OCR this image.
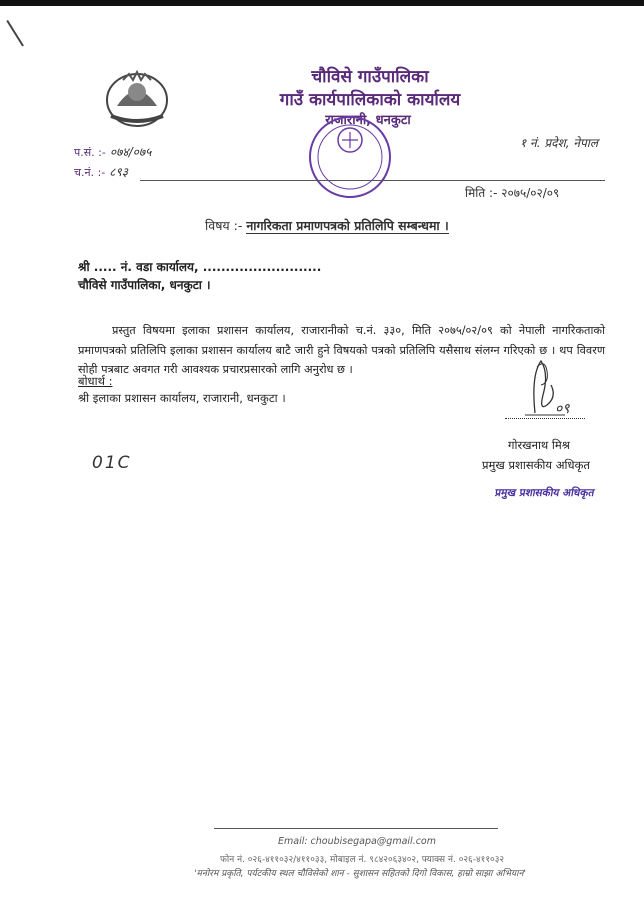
चौविसे गाउँपालिका
गाउँ कार्यपालिकाको कार्यालय
राजारानी, धनकुटा
१ नं. प्रदेश, नेपाल
प.सं. :- ०७४/०७५
च.नं. :- ८९३
मिति :- २०७५/०२/०९
विषय :- नागरिकता प्रमाणपत्रको प्रतिलिपि सम्बन्धमा ।
श्री ..... नं. वडा कार्यालय, ..........................
चौविसे गाउँपालिका, धनकुटा ।
प्रस्तुत विषयमा इलाका प्रशासन कार्यालय, राजारानीको च.नं. ३३०, मिति २०७५/०२/०९ को नेपाली नागरिकताको प्रमाणपत्रको प्रतिलिपि इलाका प्रशासन कार्यालय बाटै जारी हुने विषयको पत्रको प्रतिलिपि यसैसाथ संलग्न गरिएको छ । थप विवरण सोही पत्रबाट अवगत गरी आवश्यक प्रचारप्रसारको लागि अनुरोध छ ।
बोधार्थ :
श्री इलाका प्रशासन कार्यालय, राजारानी, धनकुटा ।
01C
०९
गोरखनाथ मिश्र
प्रमुख प्रशासकीय अधिकृत
प्रमुख प्रशासकीय अधिकृत
Email: choubisegapa@gmail.com
फोन नं. ०२६-४११०३२/४११०३३, मोबाइल नं. ९८४२०६३४०२, फ्याक्स नं. ०२६-४११०३२
'मनोरम प्रकृति, पर्यटकीय स्थल चौविसेको शान - सुशासन सहितको दिगो विकास, हाम्रो साझा अभियान'
